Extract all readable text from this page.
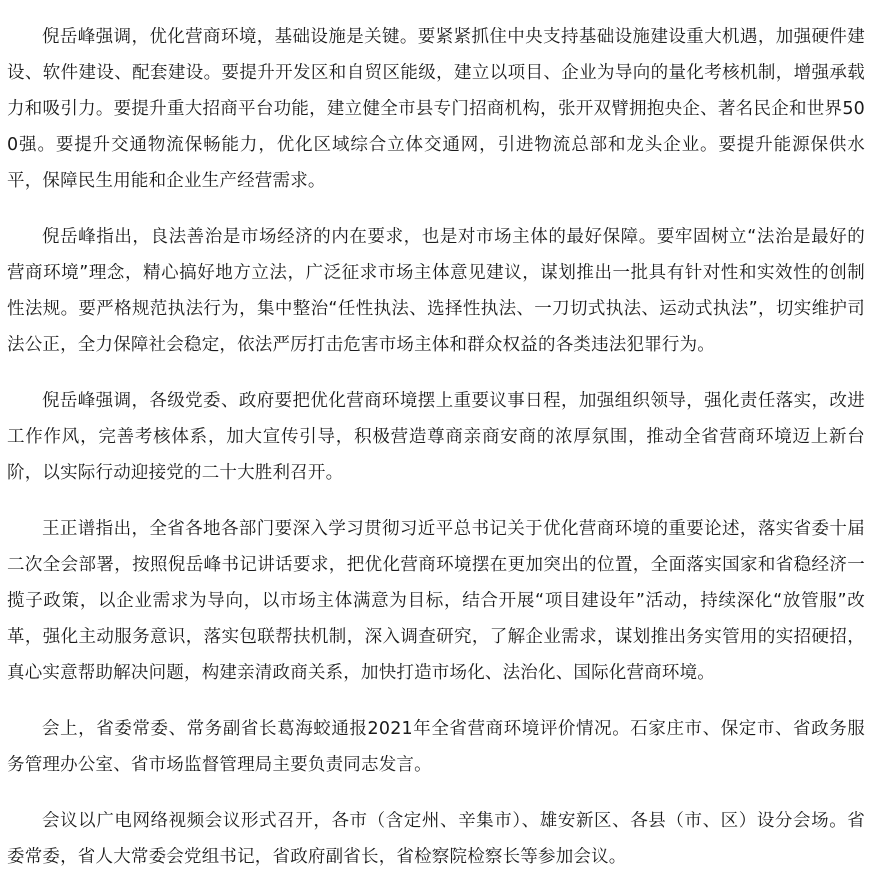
倪岳峰强调，优化营商环境，基础设施是关键。要紧紧抓住中央支持基础设施建设重大机遇，加强硬件建设、软件建设、配套建设。要提升开发区和自贸区能级，建立以项目、企业为导向的量化考核机制，增强承载力和吸引力。要提升重大招商平台功能，建立健全市县专门招商机构，张开双臂拥抱央企、著名民企和世界500强。要提升交通物流保畅能力，优化区域综合立体交通网，引进物流总部和龙头企业。要提升能源保供水平，保障民生用能和企业生产经营需求。

倪岳峰指出，良法善治是市场经济的内在要求，也是对市场主体的最好保障。要牢固树立“法治是最好的营商环境”理念，精心搞好地方立法，广泛征求市场主体意见建议，谋划推出一批具有针对性和实效性的创制性法规。要严格规范执法行为，集中整治“任性执法、选择性执法、一刀切式执法、运动式执法”，切实维护司法公正，全力保障社会稳定，依法严厉打击危害市场主体和群众权益的各类违法犯罪行为。

倪岳峰强调，各级党委、政府要把优化营商环境摆上重要议事日程，加强组织领导，强化责任落实，改进工作作风，完善考核体系，加大宣传引导，积极营造尊商亲商安商的浓厚氛围，推动全省营商环境迈上新台阶，以实际行动迎接党的二十大胜利召开。

王正谱指出，全省各地各部门要深入学习贯彻习近平总书记关于优化营商环境的重要论述，落实省委十届二次全会部署，按照倪岳峰书记讲话要求，把优化营商环境摆在更加突出的位置，全面落实国家和省稳经济一揽子政策，以企业需求为导向，以市场主体满意为目标，结合开展“项目建设年”活动，持续深化“放管服”改革，强化主动服务意识，落实包联帮扶机制，深入调查研究，了解企业需求，谋划推出务实管用的实招硬招，真心实意帮助解决问题，构建亲清政商关系，加快打造市场化、法治化、国际化营商环境。

会上，省委常委、常务副省长葛海蛟通报2021年全省营商环境评价情况。石家庄市、保定市、省政务服务管理办公室、省市场监督管理局主要负责同志发言。

会议以广电网络视频会议形式召开，各市（含定州、辛集市）、雄安新区、各县（市、区）设分会场。省委常委，省人大常委会党组书记，省政府副省长，省检察院检察长等参加会议。
